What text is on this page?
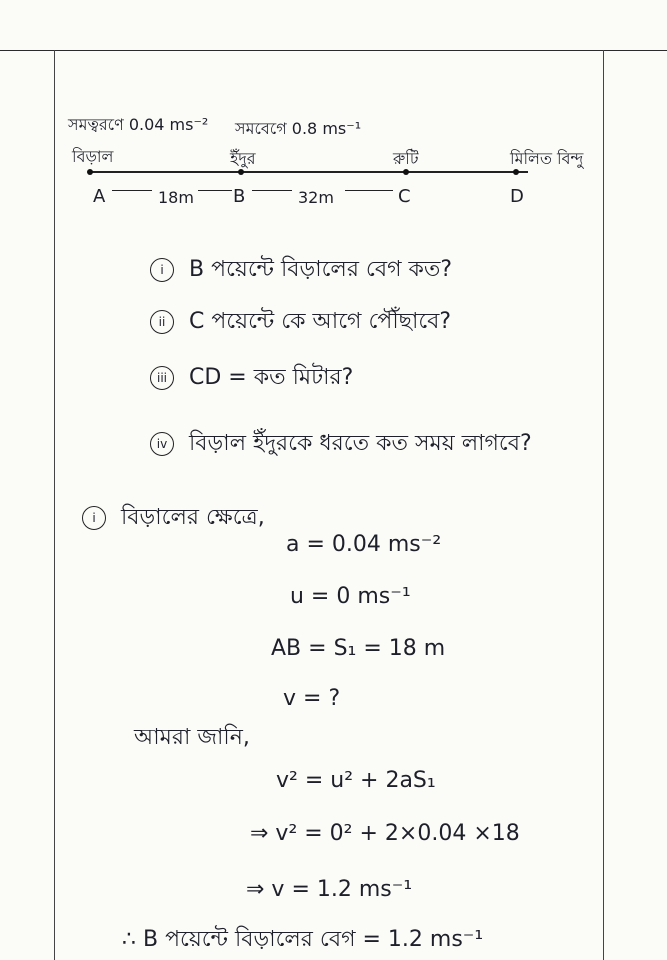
সমত্বরণে 0.04 ms⁻² সমবেগে 0.8 ms⁻¹
বিড়াল	ইঁদুর	রুটি	মিলিত বিন্দু
A	18m B	32m	C	D
i B পয়েন্টে বিড়ালের বেগ কত?
ii C পয়েন্টে কে আগে পৌঁছাবে?
iii CD = কত মিটার?
iv বিড়াল ইঁদুরকে ধরতে কত সময় লাগবে?
i বিড়ালের ক্ষেত্রে,
a = 0.04 ms⁻²
u = 0 ms⁻¹
AB = S₁ = 18 m
v = ?
আমরা জানি,
v² = u² + 2aS₁
⇒ v² = 0² + 2×0.04 ×18
⇒ v = 1.2 ms⁻¹
∴ B পয়েন্টে বিড়ালের বেগ = 1.2 ms⁻¹
